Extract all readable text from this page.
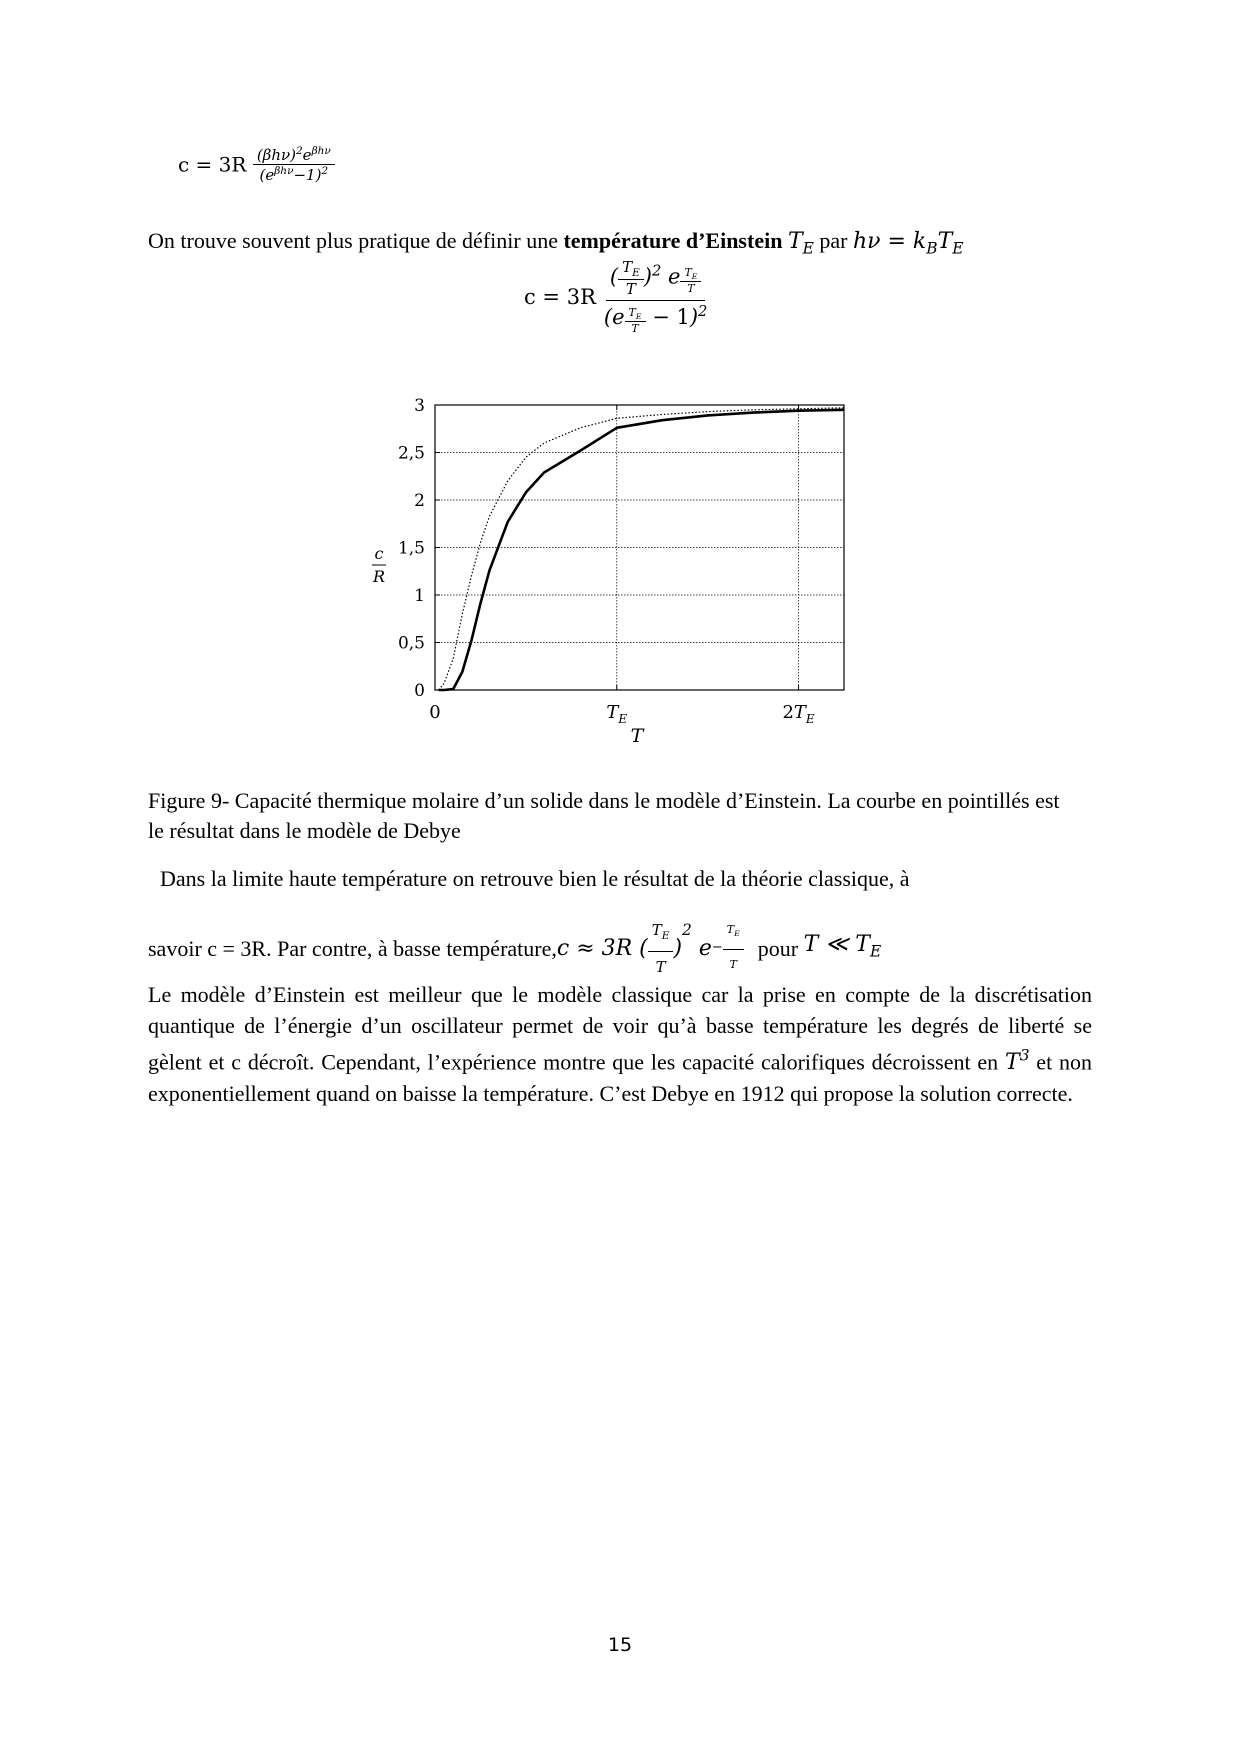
$c = 3R \frac{(\beta h\nu)^2e^{\beta h\nu}}{(e^{\beta h\nu}-1)^2}$
On trouve souvent plus pratique de définir une température d’Einstein $T_E$ par $h\nu = k_BT_E$
$c = 3R \frac{( \frac{T_E}{T} )^2 e \frac{T_E}{T}}{(e \frac{T_E}{T} - 1)^2}$
0
0,5
1
1,5
2
2,5
3
0	$T_E$	$2T_E$
c
R
T
Figure 9- Capacité thermique molaire d’un solide dans le modèle d’Einstein. La courbe en pointillés est le résultat dans le modèle de Debye
Dans la limite haute température on retrouve bien le résultat de la théorie classique, à
savoir c = 3R. Par contre, à basse température, c ≈ 3R ( $\frac{T_E}{T}$ )
2

$e - \frac{T_E}{T}$ pour
T ≪ $T_E$
Le modèle d’Einstein est meilleur que le modèle classique car la prise en compte de la discrétisation quantique de l’énergie d’un oscillateur permet de voir qu’à basse température les degrés de liberté se gèlent et c décroît. Cependant, l’expérience montre que les capacité calorifiques décroissent en $T^3$ et non exponentiellement quand on baisse la température. C’est Debye en 1912 qui propose la solution correcte.
15
